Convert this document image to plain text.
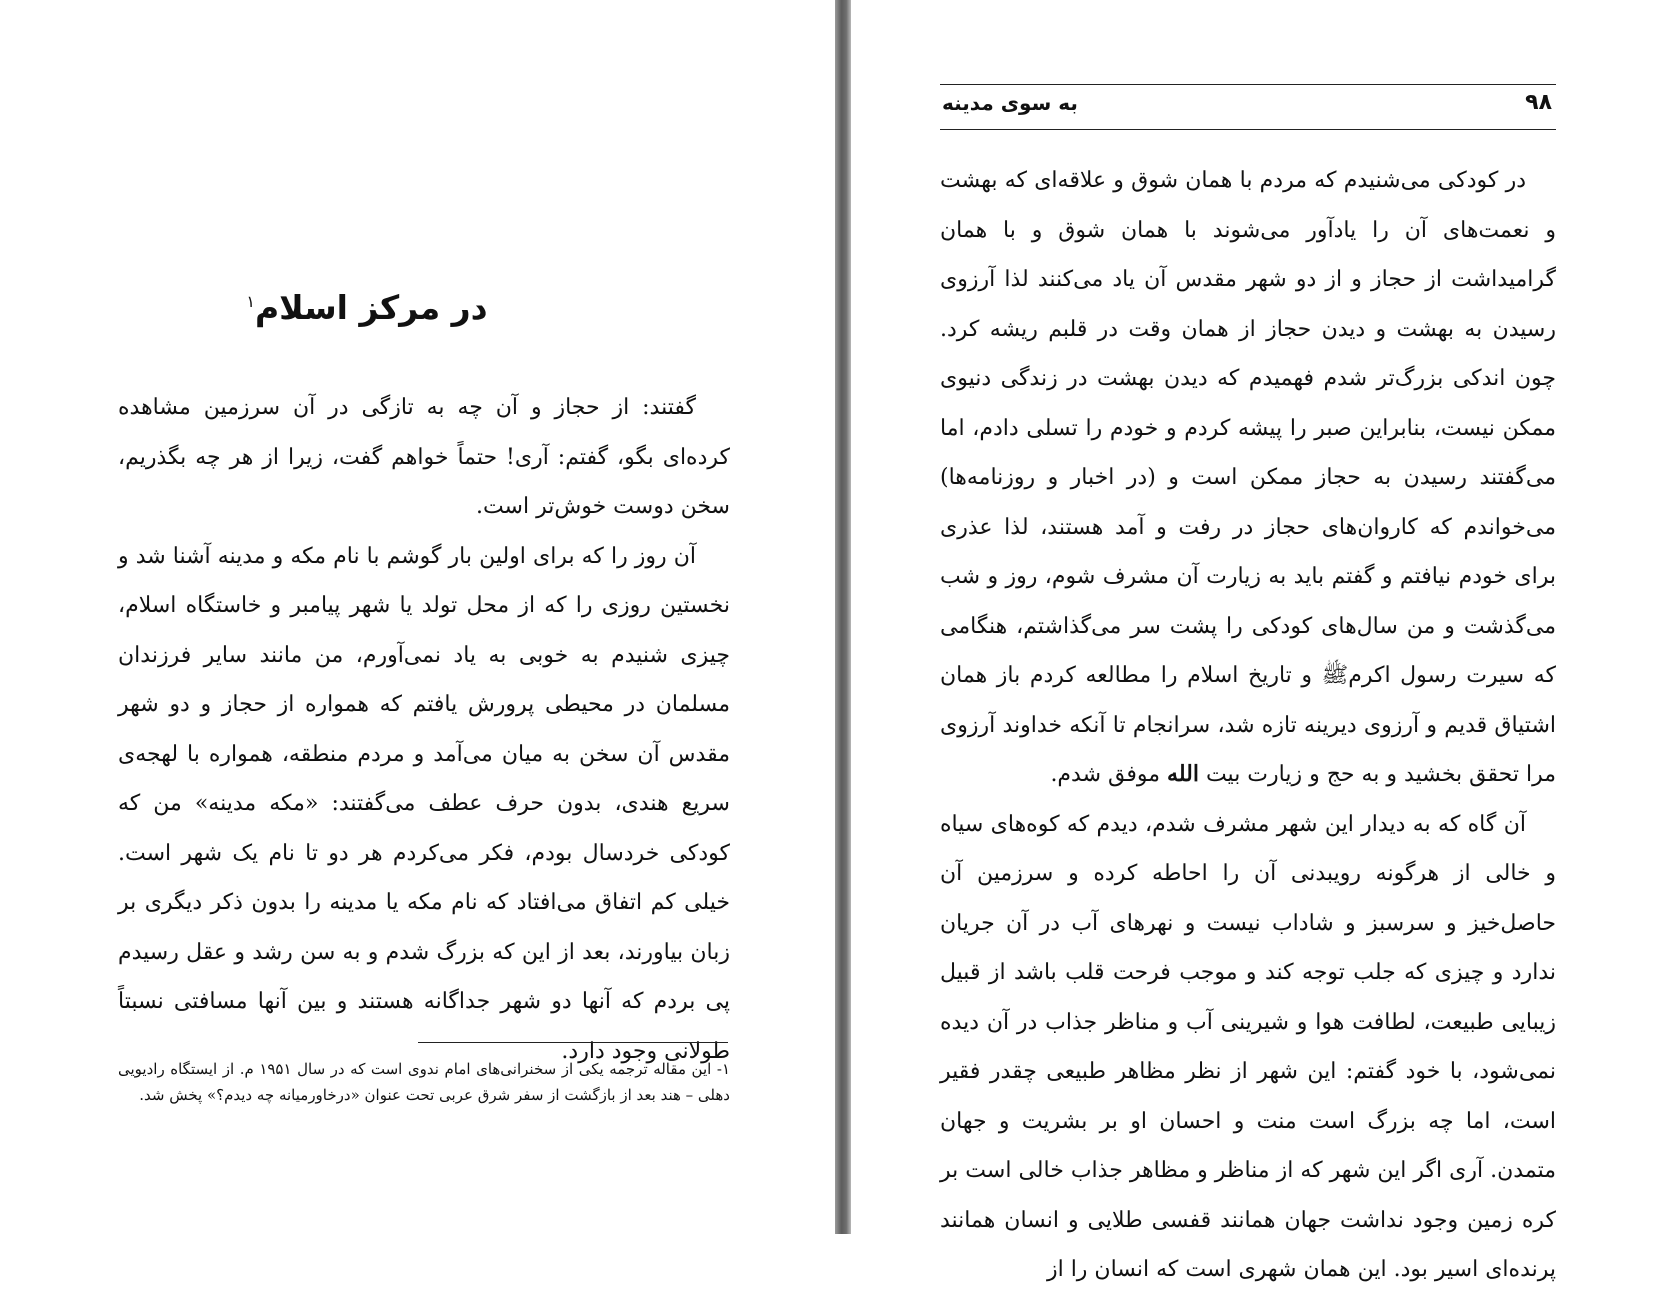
در مرکز اسلام$^۱$

گفتند: از حجاز و آن چه به تازگی در آن سرزمین مشاهده کرده‌ای بگو، گفتم: آری! حتماً خواهم گفت، زیرا از هر چه بگذریم، سخن دوست خوش‌تر است.

آن روز را که برای اولین بار گوشم با نام مکه و مدینه آشنا شد و نخستین روزی را که از محل تولد یا شهر پیامبر و خاستگاه اسلام، چیزی شنیدم به خوبی به یاد نمی‌آورم، من مانند سایر فرزندان مسلمان در محیطی پرورش یافتم که همواره از حجاز و دو شهر مقدس آن سخن به میان می‌آمد و مردم منطقه، همواره با لهجه‌ی سریع هندی، بدون حرف عطف می‌گفتند: «مکه مدینه» من که کودکی خردسال بودم، فکر می‌کردم هر دو تا نام یک شهر است. خیلی کم اتفاق می‌افتاد که نام مکه یا مدینه را بدون ذکر دیگری بر زبان بیاورند، بعد از این که بزرگ شدم و به سن رشد و عقل رسیدم پی بردم که آنها دو شهر جداگانه هستند و بین آنها مسافتی نسبتاً طولانی وجود دارد.

۱- این مقاله ترجمه یکی از سخنرانی‌های امام ندوی است که در سال ۱۹۵۱ م. از ایستگاه رادیویی دهلی – هند بعد از بازگشت از سفر شرق عربی تحت عنوان «درخاورمیانه چه دیدم؟» پخش شد.
۹۸
به سوی مدینه

در کودکی می‌شنیدم که مردم با همان شوق و علاقه‌ای که بهشت و نعمت‌های آن را یادآور می‌شوند با همان شوق و با همان گرامیداشت از حجاز و از دو شهر مقدس آن یاد می‌کنند لذا آرزوی رسیدن به بهشت و دیدن حجاز از همان وقت در قلبم ریشه کرد. چون اندکی بزرگ‌تر شدم فهمیدم که دیدن بهشت در زندگی دنیوی ممکن نیست، بنابراین صبر را پیشه کردم و خودم را تسلی دادم، اما می‌گفتند رسیدن به حجاز ممکن است و (در اخبار و روزنامه‌ها) می‌خواندم که کاروان‌های حجاز در رفت و آمد هستند، لذا عذری برای خودم نیافتم و گفتم باید به زیارت آن مشرف شوم، روز و شب می‌گذشت و من سال‌های کودکی را پشت سر می‌گذاشتم، هنگامی که سیرت رسول اکرمﷺ و تاریخ اسلام را مطالعه کردم باز همان اشتیاق قدیم و آرزوی دیرینه تازه شد، سرانجام تا آنکه خداوند آرزوی مرا تحقق بخشید و به حج و زیارت بیت الله موفق شدم.

آن گاه که به دیدار این شهر مشرف شدم، دیدم که کوه‌های سیاه و خالی از هرگونه رویبدنی آن را احاطه کرده و سرزمین آن حاصل‌خیز و سرسبز و شاداب نیست و نهرهای آب در آن جریان ندارد و چیزی که جلب توجه کند و موجب فرحت قلب باشد از قبیل زیبایی طبیعت، لطافت هوا و شیرینی آب و مناظر جذاب در آن دیده نمی‌شود، با خود گفتم: این شهر از نظر مظاهر طبیعی چقدر فقیر است، اما چه بزرگ است منت و احسان او بر بشریت و جهان متمدن. آری اگر این شهر که از مناظر و مظاهر جذاب خالی است بر کره زمین وجود نداشت جهان همانند قفسی طلایی و انسان همانند پرنده‌ای اسیر بود. این همان شهری است که انسان را از
